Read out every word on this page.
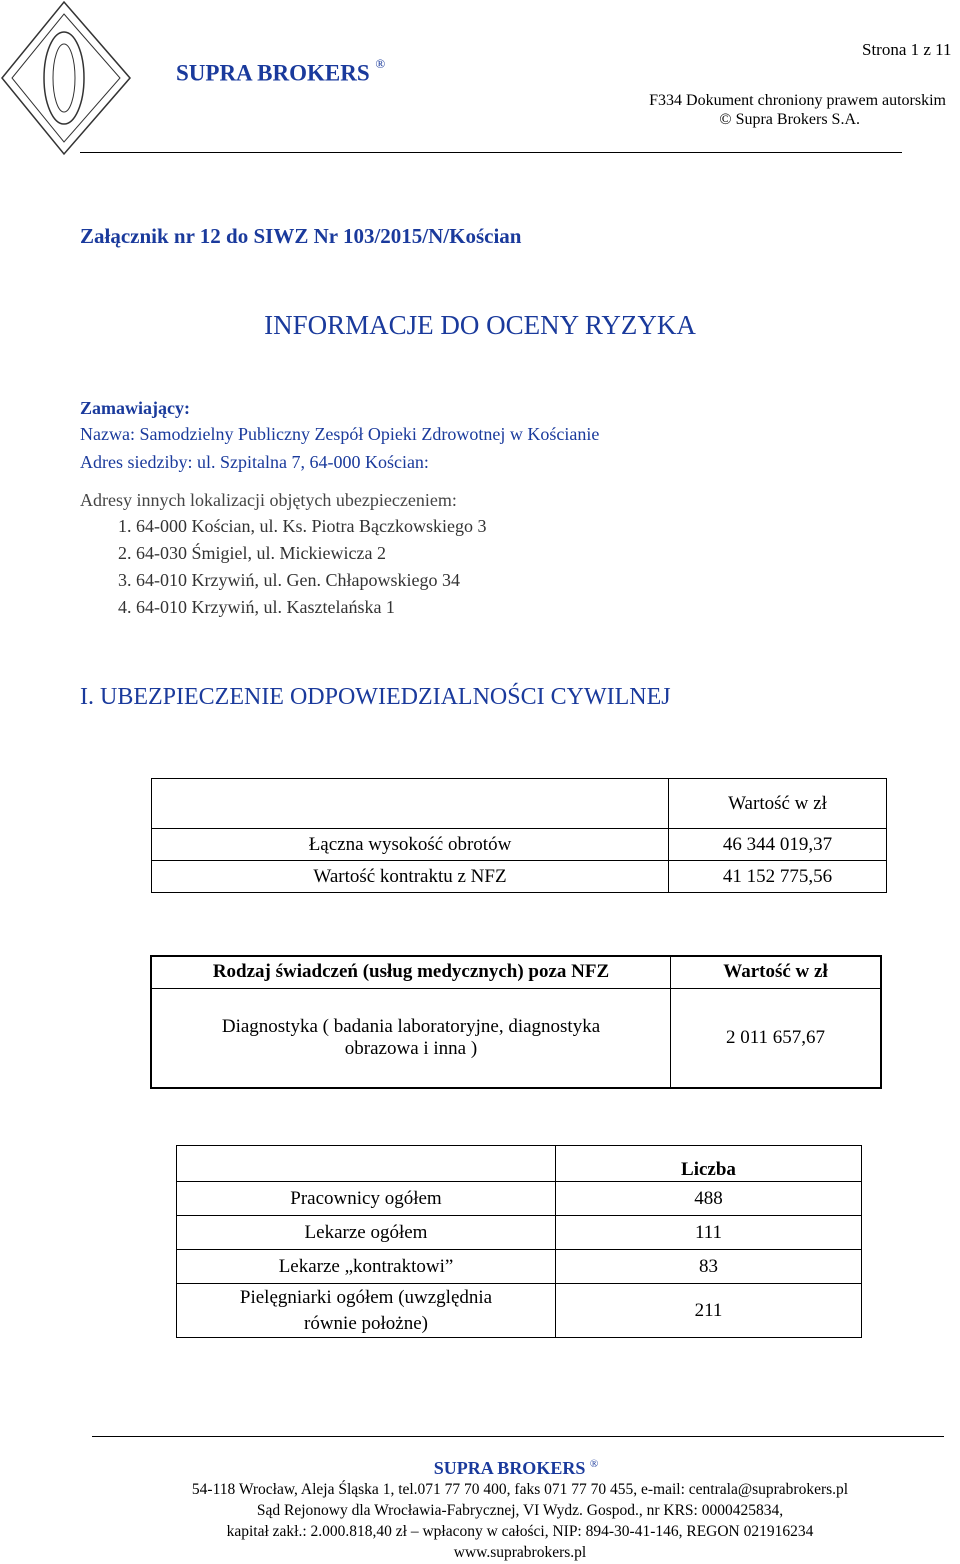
SUPRA BROKERS ®
Strona 1 z 11
F334 Dokument chroniony prawem autorskim
© Supra Brokers S.A.
Załącznik nr 12 do SIWZ Nr 103/2015/N/Kościan
INFORMACJE DO OCENY RYZYKA
Zamawiający:
Nazwa: Samodzielny Publiczny Zespół Opieki Zdrowotnej w Kościanie
Adres siedziby: ul. Szpitalna 7, 64-000 Kościan:
Adresy innych lokalizacji objętych ubezpieczeniem:
1. 64-000 Kościan, ul. Ks. Piotra Bączkowskiego 3
2. 64-030 Śmigiel, ul. Mickiewicza 2
3. 64-010 Krzywiń, ul. Gen. Chłapowskiego 34
4. 64-010 Krzywiń, ul. Kasztelańska 1
I. UBEZPIECZENIE ODPOWIEDZIALNOŚCI CYWILNEJ
	Wartość w zł
Łączna wysokość obrotów	46 344 019,37
Wartość kontraktu z NFZ	41 152 775,56
Rodzaj świadczeń (usług medycznych) poza NFZ	Wartość w zł

Diagnostyka ( badania laboratoryjne, diagnostyka
obrazowa i inna )	2 011 657,67
	Liczba
Pracownicy ogółem	488
Lekarze ogółem	111
Lekarze „kontraktowi”	83

Pielęgniarki ogółem (uwzględnia
równie położne)	211
SUPRA BROKERS ®
54-118 Wrocław, Aleja Śląska 1, tel.071 77 70 400, faks 071 77 70 455, e-mail: centrala@suprabrokers.pl
Sąd Rejonowy dla Wrocławia-Fabrycznej, VI Wydz. Gospod., nr KRS: 0000425834,
kapitał zakł.: 2.000.818,40 zł – wpłacony w całości, NIP: 894-30-41-146, REGON 021916234
www.suprabrokers.pl
